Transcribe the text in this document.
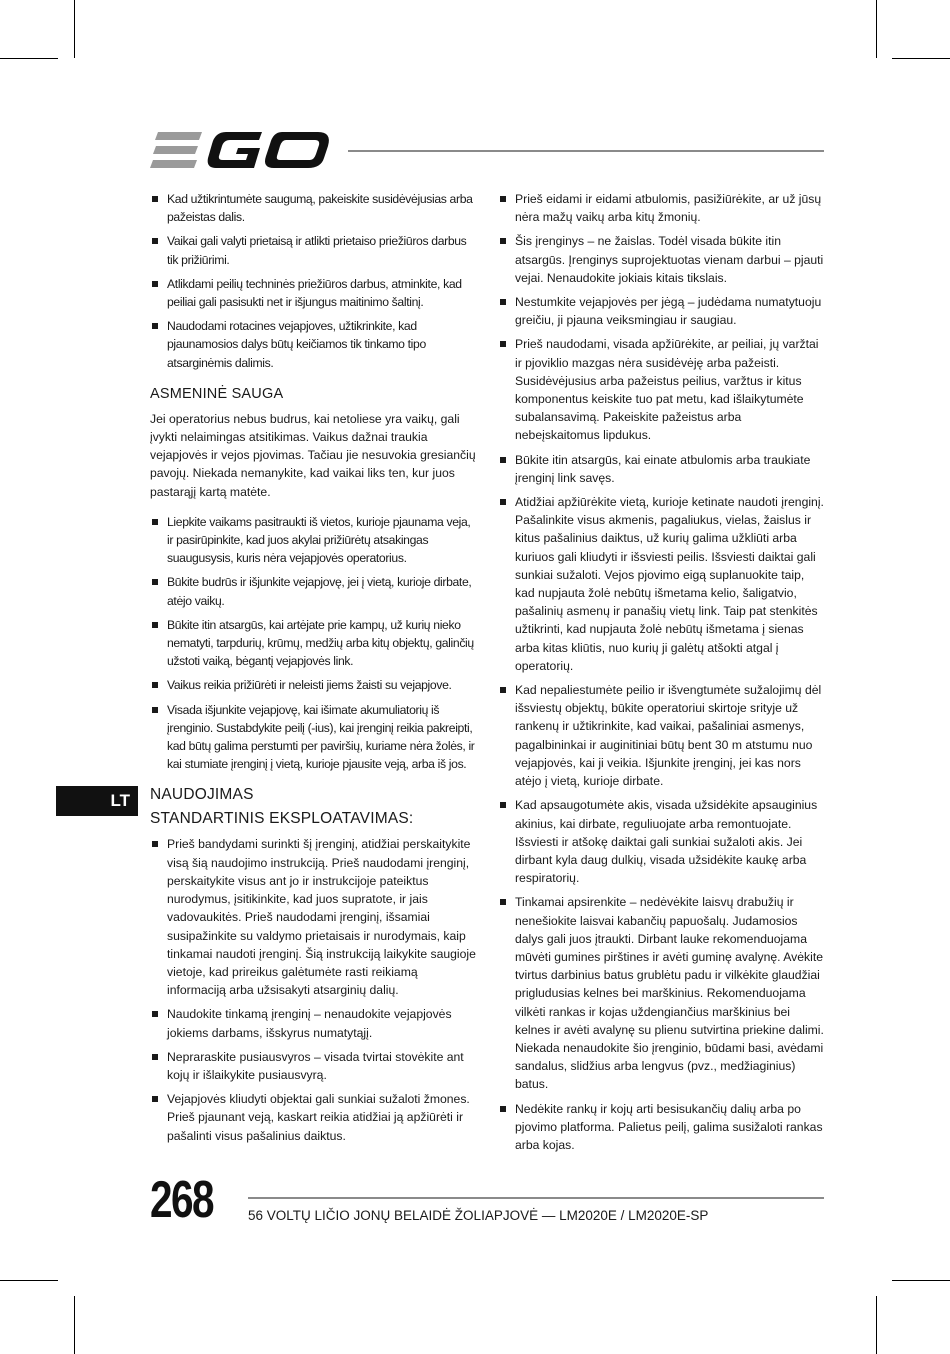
Kad užtikrintumėte saugumą, pakeiskite susidėvėjusias arba pažeistas dalis.
Vaikai gali valyti prietaisą ir atlikti prietaiso priežiūros darbus tik prižiūrimi.
Atlikdami peilių techninės priežiūros darbus, atminkite, kad peiliai gali pasisukti net ir išjungus maitinimo šaltinį.
Naudodami rotacines vejapjoves, užtikrinkite, kad pjaunamosios dalys būtų keičiamos tik tinkamo tipo atsarginėmis dalimis.
ASMENINĖ SAUGA

Jei operatorius nebus budrus, kai netoliese yra vaikų, gali įvykti nelaimingas atsitikimas. Vaikus dažnai traukia vejapjovės ir vejos pjovimas. Tačiau jie nesuvokia gresiančių pavojų. Niekada nemanykite, kad vaikai liks ten, kur juos pastarąjį kartą matėte.

Liepkite vaikams pasitraukti iš vietos, kurioje pjaunama veja, ir pasirūpinkite, kad juos akylai prižiūrėtų atsakingas suaugusysis, kuris nėra vejapjovės operatorius.
Būkite budrūs ir išjunkite vejapjovę, jei į vietą, kurioje dirbate, atėjo vaikų.
Būkite itin atsargūs, kai artėjate prie kampų, už kurių nieko nematyti, tarpdurių, krūmų, medžių arba kitų objektų, galinčių užstoti vaiką, bėgantį vejapjovės link.
Vaikus reikia prižiūrėti ir neleisti jiems žaisti su vejapjove.
Visada išjunkite vejapjovę, kai išimate akumuliatorių iš įrenginio. Sustabdykite peilį (-ius), kai įrenginį reikia pakreipti, kad būtų galima perstumti per paviršių, kuriame nėra žolės, ir kai stumiate įrenginį į vietą, kurioje pjausite veją, arba iš jos.
NAUDOJIMAS
STANDARTINIS EKSPLOATAVIMAS:
Prieš bandydami surinkti šį įrenginį, atidžiai perskaitykite visą šią naudojimo instrukciją. Prieš naudodami įrenginį, perskaitykite visus ant jo ir instrukcijoje pateiktus nurodymus, įsitikinkite, kad juos supratote, ir jais vadovaukitės. Prieš naudodami įrenginį, išsamiai susipažinkite su valdymo prietaisais ir nurodymais, kaip tinkamai naudoti įrenginį. Šią instrukciją laikykite saugioje vietoje, kad prireikus galėtumėte rasti reikiamą informaciją arba užsisakyti atsarginių dalių.
Naudokite tinkamą įrenginį – nenaudokite vejapjovės jokiems darbams, išskyrus numatytąjį.
Nepraraskite pusiausvyros – visada tvirtai stovėkite ant kojų ir išlaikykite pusiausvyrą.
Vejapjovės kliudyti objektai gali sunkiai sužaloti žmones. Prieš pjaunant veją, kaskart reikia atidžiai ją apžiūrėti ir pašalinti visus pašalinius daiktus.
Prieš eidami ir eidami atbulomis, pasižiūrėkite, ar už jūsų nėra mažų vaikų arba kitų žmonių.
Šis įrenginys – ne žaislas. Todėl visada būkite itin atsargūs. Įrenginys suprojektuotas vienam darbui – pjauti vejai. Nenaudokite jokiais kitais tikslais.
Nestumkite vejapjovės per jėgą – judėdama numatytuoju greičiu, ji pjauna veiksmingiau ir saugiau.
Prieš naudodami, visada apžiūrėkite, ar peiliai, jų varžtai ir pjoviklio mazgas nėra susidėvėję arba pažeisti. Susidėvėjusius arba pažeistus peilius, varžtus ir kitus komponentus keiskite tuo pat metu, kad išlaikytumėte subalansavimą. Pakeiskite pažeistus arba nebeįskaitomus lipdukus.
Būkite itin atsargūs, kai einate atbulomis arba traukiate įrenginį link savęs.
Atidžiai apžiūrėkite vietą, kurioje ketinate naudoti įrenginį. Pašalinkite visus akmenis, pagaliukus, vielas, žaislus ir kitus pašalinius daiktus, už kurių galima užkliūti arba kuriuos gali kliudyti ir išsviesti peilis. Išsviesti daiktai gali sunkiai sužaloti. Vejos pjovimo eigą suplanuokite taip, kad nupjauta žolė nebūtų išmetama kelio, šaligatvio, pašalinių asmenų ir panašių vietų link. Taip pat stenkitės užtikrinti, kad nupjauta žolė nebūtų išmetama į sienas arba kitas kliūtis, nuo kurių ji galėtų atšokti atgal į operatorių.
Kad nepaliestumėte peilio ir išvengtumėte sužalojimų dėl išsviestų objektų, būkite operatoriui skirtoje srityje už rankenų ir užtikrinkite, kad vaikai, pašaliniai asmenys, pagalbininkai ir auginitiniai būtų bent 30 m atstumu nuo vejapjovės, kai ji veikia. Išjunkite įrenginį, jei kas nors atėjo į vietą, kurioje dirbate.
Kad apsaugotumėte akis, visada užsidėkite apsauginius akinius, kai dirbate, reguliuojate arba remontuojate. Išsviesti ir atšokę daiktai gali sunkiai sužaloti akis. Jei dirbant kyla daug dulkių, visada užsidėkite kaukę arba respiratorių.
Tinkamai apsirenkite – nedėvėkite laisvų drabužių ir nenešiokite laisvai kabančių papuošalų. Judamosios dalys gali juos įtraukti. Dirbant lauke rekomenduojama mūvėti gumines pirštines ir avėti guminę avalynę. Avėkite tvirtus darbinius batus grublėtu padu ir vilkėkite glaudžiai prigludusias kelnes bei marškinius. Rekomenduojama vilkėti rankas ir kojas uždengiančius marškinius bei kelnes ir avėti avalynę su plienu sutvirtina priekine dalimi. Niekada nenaudokite šio įrenginio, būdami basi, avėdami sandalus, slidžius arba lengvus (pvz., medžiaginius) batus.
Nedėkite rankų ir kojų arti besisukančių dalių arba po pjovimo platforma. Palietus peilį, galima susižaloti rankas arba kojas.
LT
268	56 VOLTŲ LIČIO JONŲ BELAIDĖ ŽOLIAPJOVĖ — LM2020E / LM2020E-SP
